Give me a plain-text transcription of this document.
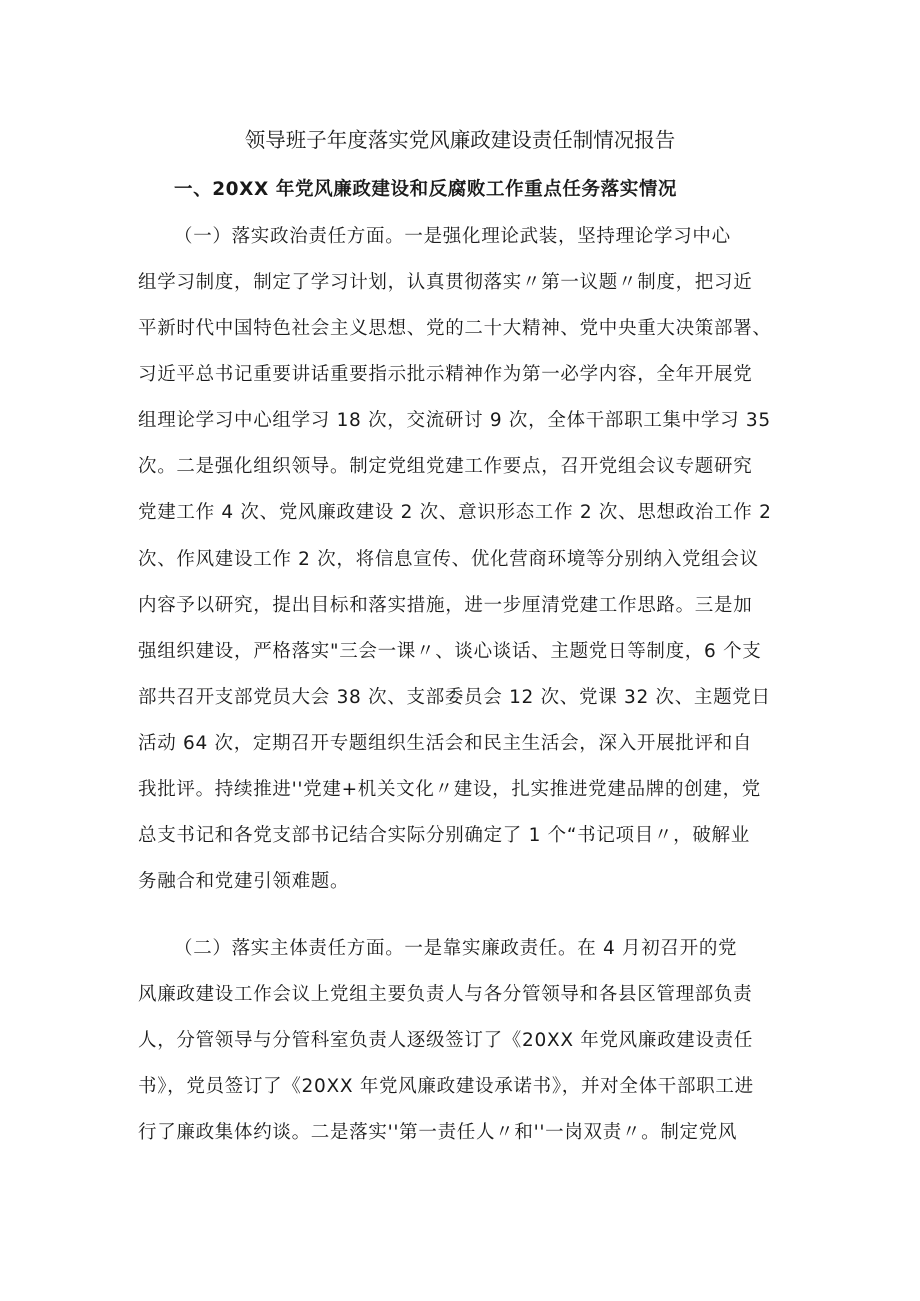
领导班子年度落实党风廉政建设责任制情况报告
一、20XX 年党风廉政建设和反腐败工作重点任务落实情况

（一）落实政治责任方面。一是强化理论武装，坚持理论学习中心

组学习制度，制定了学习计划，认真贯彻落实〃第一议题〃制度，把习近

平新时代中国特色社会主义思想、党的二十大精神、党中央重大决策部署、

习近平总书记重要讲话重要指示批示精神作为第一必学内容，全年开展党

组理论学习中心组学习 18 次，交流研讨 9 次，全体干部职工集中学习 35

次。二是强化组织领导。制定党组党建工作要点，召开党组会议专题研究

党建工作 4 次、党风廉政建设 2 次、意识形态工作 2 次、思想政治工作 2

次、作风建设工作 2 次，将信息宣传、优化营商环境等分别纳入党组会议

内容予以研究，提出目标和落实措施，进一步厘清党建工作思路。三是加

强组织建设，严格落实"三会一课〃、谈心谈话、主题党日等制度，6 个支

部共召开支部党员大会 38 次、支部委员会 12 次、党课 32 次、主题党日

活动 64 次，定期召开专题组织生活会和民主生活会，深入开展批评和自

我批评。持续推进''党建+机关文化〃建设，扎实推进党建品牌的创建，党

总支书记和各党支部书记结合实际分别确定了 1 个“书记项目〃，破解业

务融合和党建引领难题。

（二）落实主体责任方面。一是靠实廉政责任。在 4 月初召开的党

风廉政建设工作会议上党组主要负责人与各分管领导和各县区管理部负责

人，分管领导与分管科室负责人逐级签订了《20XX 年党风廉政建设责任

书》，党员签订了《20XX 年党风廉政建设承诺书》，并对全体干部职工进

行了廉政集体约谈。二是落实''第一责任人〃和''一岗双责〃。制定党风
